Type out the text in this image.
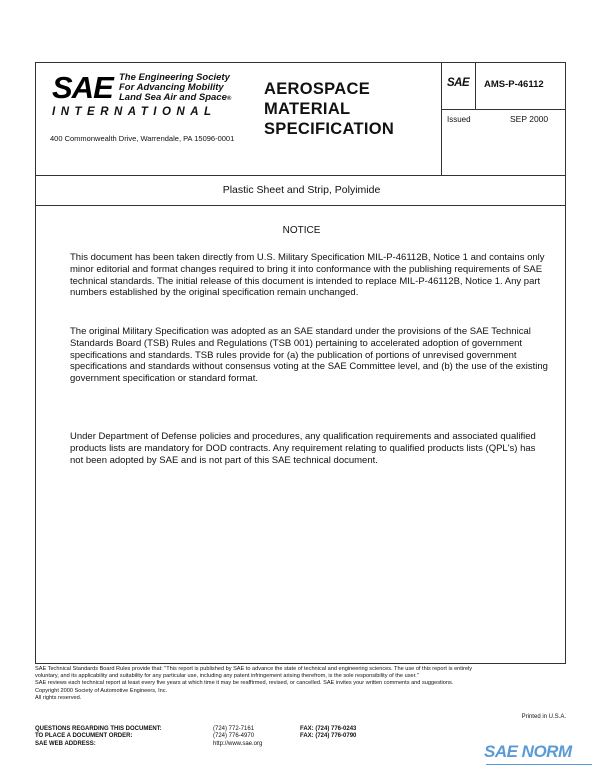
SAE The Engineering Society
For Advancing Mobility
Land Sea Air and Space®
INTERNATIONAL
400 Commonwealth Drive, Warrendale, PA 15096-0001
AEROSPACE
MATERIAL
SPECIFICATION
SAE AMS-P-46112
Issued	SEP 2000
Plastic Sheet and Strip, Polyimide
NOTICE
This document has been taken directly from U.S. Military Specification MIL-P-46112B, Notice 1 and contains only minor editorial and format changes required to bring it into conformance with the publishing requirements of SAE technical standards. The initial release of this document is intended to replace MIL-P-46112B, Notice 1. Any part numbers established by the original specification remain unchanged.
The original Military Specification was adopted as an SAE standard under the provisions of the SAE Technical Standards Board (TSB) Rules and Regulations (TSB 001) pertaining to accelerated adoption of government specifications and standards. TSB rules provide for (a) the publication of portions of unrevised government specifications and standards without consensus voting at the SAE Committee level, and (b) the use of the existing government specification or standard format.
Under Department of Defense policies and procedures, any qualification requirements and associated qualified products lists are mandatory for DOD contracts. Any requirement relating to qualified products lists (QPL's) has not been adopted by SAE and is not part of this SAE technical document.
SAE Technical Standards Board Rules provide that: "This report is published by SAE to advance the state of technical and engineering sciences. The use of this report is entirely
voluntary, and its applicability and suitability for any particular use, including any patent infringement arising therefrom, is the sole responsibility of the user."
SAE reviews each technical report at least every five years at which time it may be reaffirmed, revised, or cancelled. SAE invites your written comments and suggestions.
Copyright 2000 Society of Automotive Engineers, Inc.
All rights reserved.
Printed in U.S.A.
QUESTIONS REGARDING THIS DOCUMENT:	(724) 772-7161	FAX: (724) 776-0243
TO PLACE A DOCUMENT ORDER:	(724) 776-4970	FAX: (724) 776-0790
SAE WEB ADDRESS:	http://www.sae.org	SAE NORM
